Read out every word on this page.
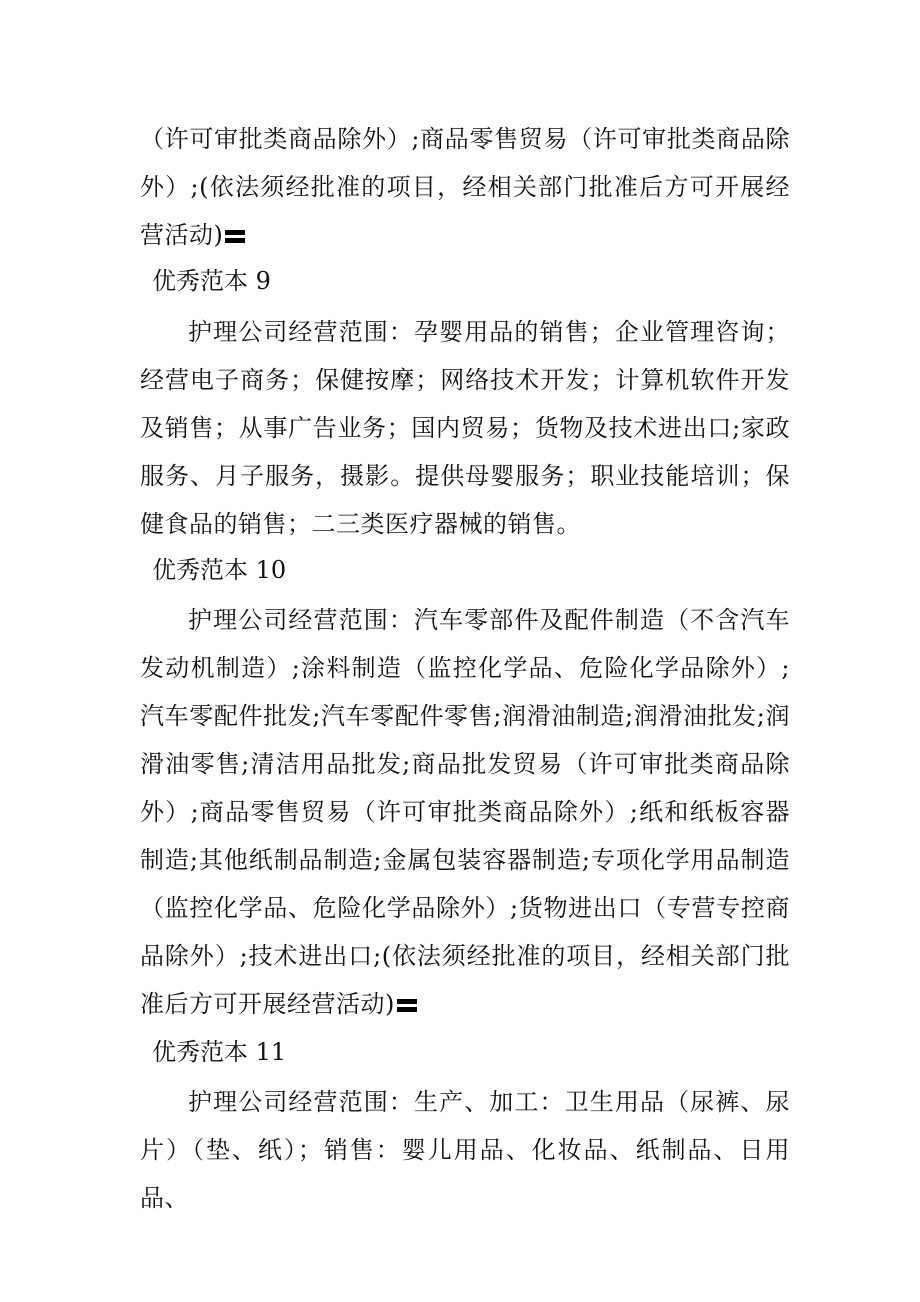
（许可审批类商品除外）;商品零售贸易（许可审批类商品除外）;(依法须经批准的项目，经相关部门批准后方可开展经营活动)

优秀范本 9

护理公司经营范围：孕婴用品的销售；企业管理咨询；经营电子商务；保健按摩；网络技术开发；计算机软件开发及销售；从事广告业务；国内贸易；货物及技术进出口;家政服务、月子服务，摄影。提供母婴服务；职业技能培训；保健食品的销售；二三类医疗器械的销售。

优秀范本 10

护理公司经营范围：汽车零部件及配件制造（不含汽车发动机制造）;涂料制造（监控化学品、危险化学品除外）;汽车零配件批发;汽车零配件零售;润滑油制造;润滑油批发;润滑油零售;清洁用品批发;商品批发贸易（许可审批类商品除外）;商品零售贸易（许可审批类商品除外）;纸和纸板容器制造;其他纸制品制造;金属包装容器制造;专项化学用品制造（监控化学品、危险化学品除外）;货物进出口（专营专控商品除外）;技术进出口;(依法须经批准的项目，经相关部门批准后方可开展经营活动)

优秀范本 11

护理公司经营范围：生产、加工：卫生用品（尿裤、尿片）（垫、纸）；销售：婴儿用品、化妆品、纸制品、日用品、
